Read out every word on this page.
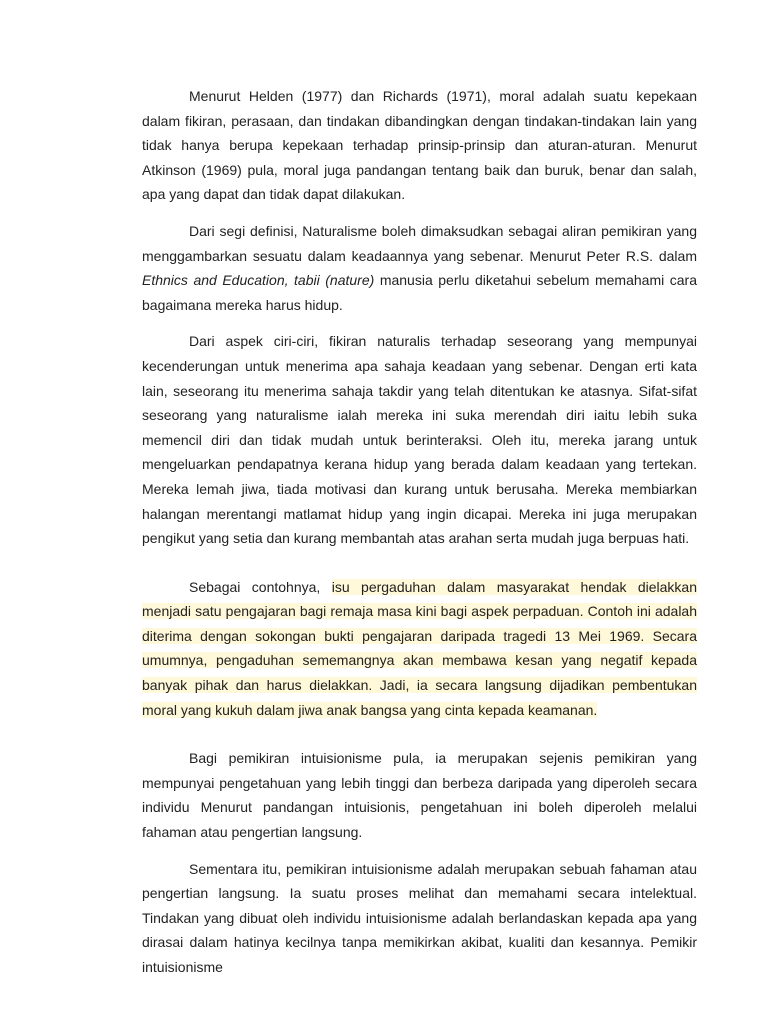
Menurut Helden (1977) dan Richards (1971), moral adalah suatu kepekaan dalam fikiran, perasaan, dan tindakan dibandingkan dengan tindakan-tindakan lain yang tidak hanya berupa kepekaan terhadap prinsip-prinsip dan aturan-aturan. Menurut Atkinson (1969) pula, moral juga pandangan tentang baik dan buruk, benar dan salah, apa yang dapat dan tidak dapat dilakukan.

Dari segi definisi, Naturalisme boleh dimaksudkan sebagai aliran pemikiran yang menggambarkan sesuatu dalam keadaannya yang sebenar. Menurut Peter R.S. dalam Ethnics and Education, tabii (nature) manusia perlu diketahui sebelum memahami cara bagaimana mereka harus hidup.

Dari aspek ciri-ciri, fikiran naturalis terhadap seseorang yang mempunyai kecenderungan untuk menerima apa sahaja keadaan yang sebenar. Dengan erti kata lain, seseorang itu menerima sahaja takdir yang telah ditentukan ke atasnya. Sifat-sifat seseorang yang naturalisme ialah mereka ini suka merendah diri iaitu lebih suka memencil diri dan tidak mudah untuk berinteraksi. Oleh itu, mereka jarang untuk mengeluarkan pendapatnya kerana hidup yang berada dalam keadaan yang tertekan. Mereka lemah jiwa, tiada motivasi dan kurang untuk berusaha. Mereka membiarkan halangan merentangi matlamat hidup yang ingin dicapai. Mereka ini juga merupakan pengikut yang setia dan kurang membantah atas arahan serta mudah juga berpuas hati.

Sebagai contohnya, isu pergaduhan dalam masyarakat hendak dielakkan menjadi satu pengajaran bagi remaja masa kini bagi aspek perpaduan. Contoh ini adalah diterima dengan sokongan bukti pengajaran daripada tragedi 13 Mei 1969. Secara umumnya, pengaduhan sememangnya akan membawa kesan yang negatif kepada banyak pihak dan harus dielakkan. Jadi, ia secara langsung dijadikan pembentukan moral yang kukuh dalam jiwa anak bangsa yang cinta kepada keamanan.

Bagi pemikiran intuisionisme pula, ia merupakan sejenis pemikiran yang mempunyai pengetahuan yang lebih tinggi dan berbeza daripada yang diperoleh secara individu Menurut pandangan intuisionis, pengetahuan ini boleh diperoleh melalui fahaman atau pengertian langsung.

Sementara itu, pemikiran intuisionisme adalah merupakan sebuah fahaman atau pengertian langsung. Ia suatu proses melihat dan memahami secara intelektual. Tindakan yang dibuat oleh individu intuisionisme adalah berlandaskan kepada apa yang dirasai dalam hatinya kecilnya tanpa memikirkan akibat, kualiti dan kesannya. Pemikir intuisionisme
